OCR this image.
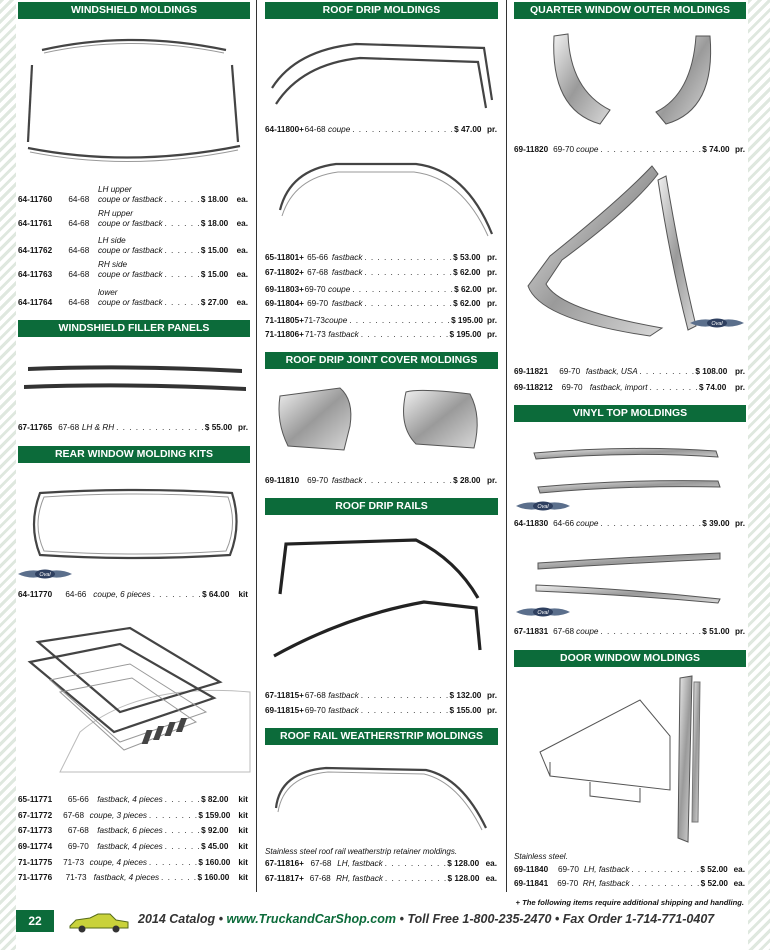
WINDSHIELD MOLDINGS
64-11760	64-68
LH upper
coupe or fastback . . . . . . $ 18.00	ea.
64-11761	64-68
RH upper
coupe or fastback . . . . . . $ 18.00	ea.
64-11762	64-68
LH side
coupe or fastback . . . . . . $ 15.00	ea.
64-11763	64-68
RH side
coupe or fastback . . . . . . $ 15.00	ea.
64-11764	64-68
lower
coupe or fastback . . . . . . $ 27.00	ea.
WINDSHIELD FILLER PANELS
67-11765 67-68 LH & RH . . . . . . . . . . . . . . $ 55.00 pr.
REAR WINDOW MOLDING KITS
Oval
64-11770	64-66 coupe, 6 pieces . . . . . . . . $ 64.00	kit
65-11771	65-66	fastback, 4 pieces . . . . . . $ 82.00	kit
67-11772	67-68 coupe, 3 pieces . . . . . . . . $ 159.00 kit
67-11773	67-68	fastback, 6 pieces . . . . . . $ 92.00	kit
69-11774	69-70	fastback, 4 pieces . . . . . . $ 45.00	kit
71-11775	71-73 coupe, 4 pieces . . . . . . . . $ 160.00 kit
71-11776	71-73 fastback, 4 pieces . . . . . . $ 160.00	kit
ROOF DRIP MOLDINGS
64-11800+ 64-68 coupe . . . . . . . . . . . . . . . . $ 47.00 pr.
65-11801+ 65-66 fastback . . . . . . . . . . . . . . $ 53.00 pr.
67-11802+ 67-68 fastback . . . . . . . . . . . . . . $ 62.00 pr.
69-11803+ 69-70 coupe . . . . . . . . . . . . . . . . $ 62.00 pr.
69-11804+ 69-70 fastback . . . . . . . . . . . . . . $ 62.00 pr.
71-11805+ 71-73 coupe . . . . . . . . . . . . . . . . $ 195.00 pr.
71-11806+ 71-73 fastback . . . . . . . . . . . . . . $ 195.00 pr.
ROOF DRIP JOINT COVER MOLDINGS
69-11810 69-70 fastback . . . . . . . . . . . . . . $ 28.00 pr.
ROOF DRIP RAILS
67-11815+ 67-68 fastback . . . . . . . . . . . . . . $ 132.00 pr.
69-11815+ 69-70 fastback . . . . . . . . . . . . . . $ 155.00 pr.
ROOF RAIL WEATHERSTRIP MOLDINGS
Stainless steel roof rail weatherstrip retainer moldings.
67-11816+ 67-68 LH, fastback . . . . . . . . . . $ 128.00 ea.
67-11817+ 67-68 RH, fastback . . . . . . . . . . $ 128.00 ea.
QUARTER WINDOW OUTER MOLDINGS
69-11820 69-70 coupe . . . . . . . . . . . . . . . . $ 74.00 pr.
Oval
69-11821	69-70 fastback, USA . . . . . . . . . $ 108.00 pr.
69-118212	69-70 fastback, import . . . . . . . . $ 74.00	pr.
VINYL TOP MOLDINGS
Oval
64-11830 64-66 coupe . . . . . . . . . . . . . . . . $ 39.00 pr.
Oval
67-11831 67-68 coupe . . . . . . . . . . . . . . . . $ 51.00 pr.
DOOR WINDOW MOLDINGS
Stainless steel.
69-11840	69-70 LH, fastback . . . . . . . . . . . $ 52.00 ea.
69-11841	69-70 RH, fastback . . . . . . . . . . . $ 52.00 ea.
+ The following items require additional shipping and handling.
22	2014 Catalog • www.TruckandCarShop.com • Toll Free 1-800-235-2470 • Fax Order 1-714-771-0407
